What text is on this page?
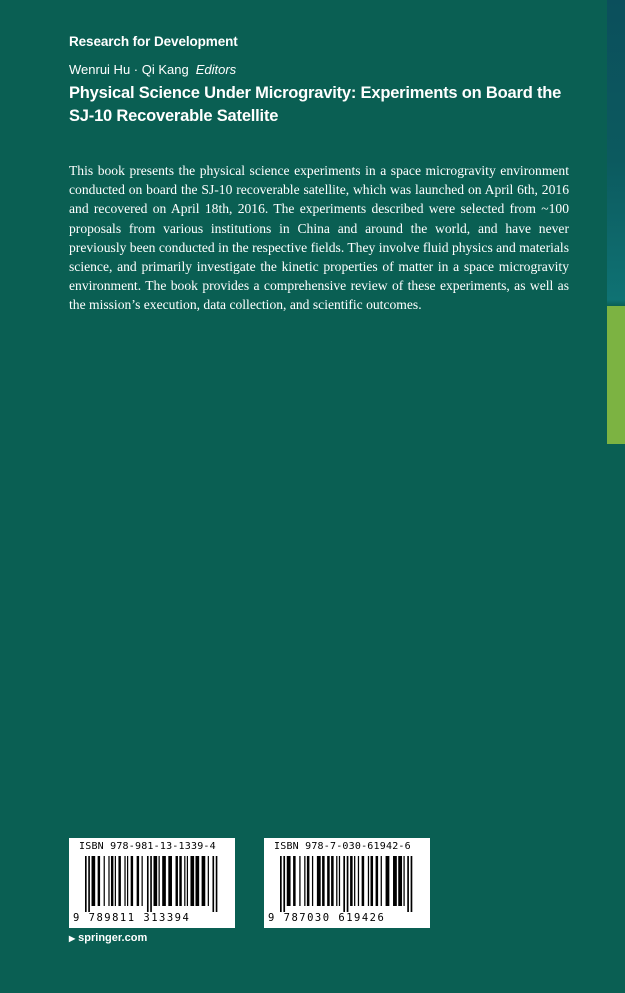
Research for Development
Wenrui Hu · Qi Kang Editors
Physical Science Under Microgravity: Experiments on Board the SJ-10 Recoverable Satellite

This book presents the physical science experiments in a space microgravity environment conducted on board the SJ-10 recoverable satellite, which was launched on April 6th, 2016 and recovered on April 18th, 2016. The experiments described were selected from ~100 proposals from various institutions in China and around the world, and have never previously been conducted in the respective fields. They involve fluid physics and materials science, and primarily investigate the kinetic properties of matter in a space microgravity environment. The book provides a comprehensive review of these experiments, as well as the mission’s execution, data collection, and scientific outcomes.

ISBN 978-981-13-1339-4
9 789811 313394
ISBN 978-7-030-61942-6
9 787030 619426
▶ springer.com
